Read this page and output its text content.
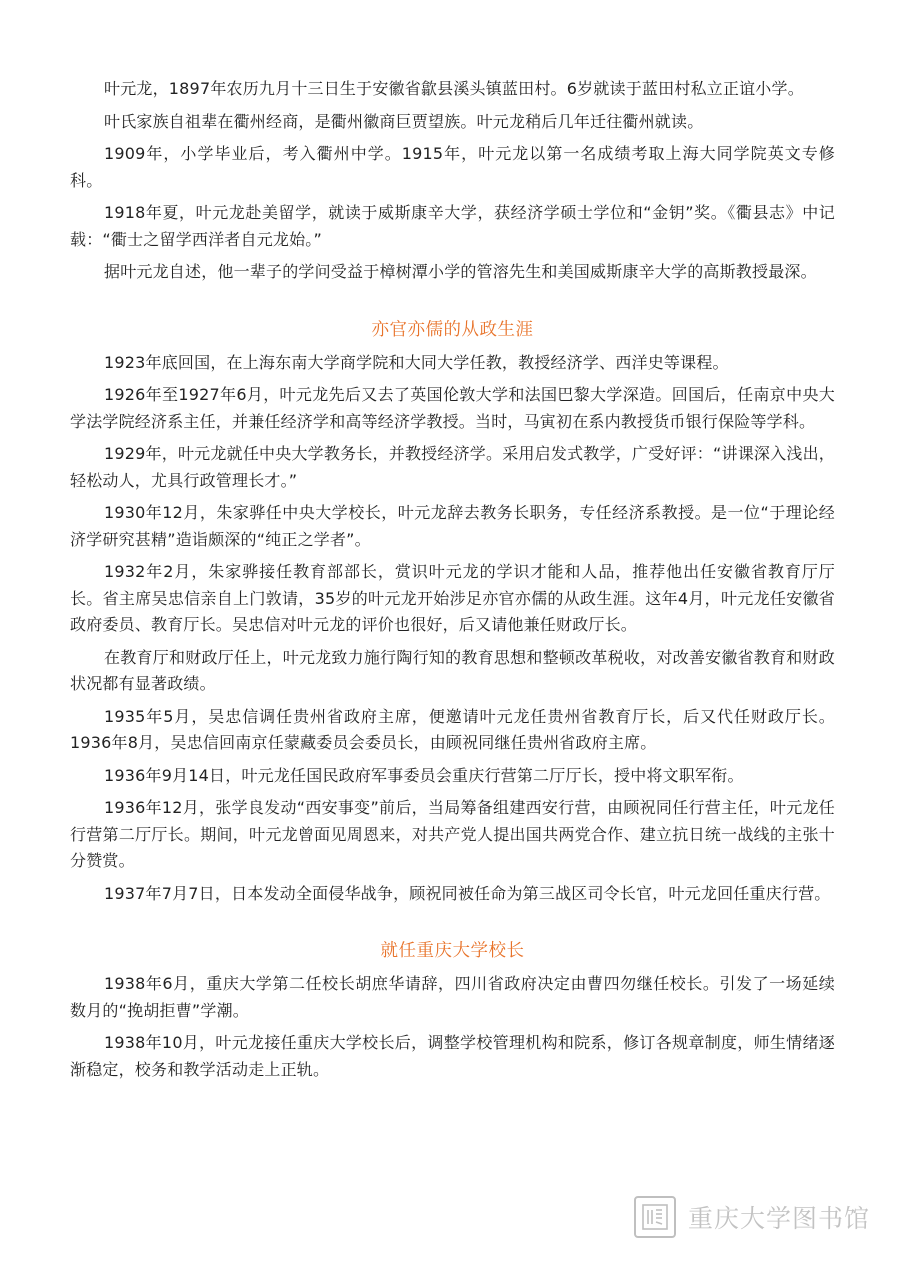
叶元龙，1897年农历九月十三日生于安徽省歙县溪头镇蓝田村。6岁就读于蓝田村私立正谊小学。

叶氏家族自祖辈在衢州经商，是衢州徽商巨贾望族。叶元龙稍后几年迁往衢州就读。

1909年，小学毕业后，考入衢州中学。1915年，叶元龙以第一名成绩考取上海大同学院英文专修科。

1918年夏，叶元龙赴美留学，就读于威斯康辛大学，获经济学硕士学位和“金钥”奖。《衢县志》中记载：“衢士之留学西洋者自元龙始。”

据叶元龙自述，他一辈子的学问受益于樟树潭小学的管溶先生和美国威斯康辛大学的高斯教授最深。

亦官亦儒的从政生涯

1923年底回国，在上海东南大学商学院和大同大学任教，教授经济学、西洋史等课程。

1926年至1927年6月，叶元龙先后又去了英国伦敦大学和法国巴黎大学深造。回国后，任南京中央大学法学院经济系主任，并兼任经济学和高等经济学教授。当时，马寅初在系内教授货币银行保险等学科。

1929年，叶元龙就任中央大学教务长，并教授经济学。采用启发式教学，广受好评：“讲课深入浅出，轻松动人，尤具行政管理长才。”

1930年12月，朱家骅任中央大学校长，叶元龙辞去教务长职务，专任经济系教授。是一位“于理论经济学研究甚精”造诣颇深的“纯正之学者”。

1932年2月，朱家骅接任教育部部长，赏识叶元龙的学识才能和人品，推荐他出任安徽省教育厅厅长。省主席吴忠信亲自上门敦请，35岁的叶元龙开始涉足亦官亦儒的从政生涯。这年4月，叶元龙任安徽省政府委员、教育厅长。吴忠信对叶元龙的评价也很好，后又请他兼任财政厅长。

在教育厅和财政厅任上，叶元龙致力施行陶行知的教育思想和整顿改革税收，对改善安徽省教育和财政状况都有显著政绩。

1935年5月，吴忠信调任贵州省政府主席，便邀请叶元龙任贵州省教育厅长，后又代任财政厅长。1936年8月，吴忠信回南京任蒙藏委员会委员长，由顾祝同继任贵州省政府主席。

1936年9月14日，叶元龙任国民政府军事委员会重庆行营第二厅厅长，授中将文职军衔。

1936年12月，张学良发动“西安事变”前后，当局筹备组建西安行营，由顾祝同任行营主任，叶元龙任行营第二厅厅长。期间，叶元龙曾面见周恩来，对共产党人提出国共两党合作、建立抗日统一战线的主张十分赞赏。

1937年7月7日，日本发动全面侵华战争，顾祝同被任命为第三战区司令长官，叶元龙回任重庆行营。

就任重庆大学校长

1938年6月，重庆大学第二任校长胡庶华请辞，四川省政府决定由曹四勿继任校长。引发了一场延续数月的“挽胡拒曹”学潮。

1938年10月，叶元龙接任重庆大学校长后，调整学校管理机构和院系，修订各规章制度，师生情绪逐渐稳定，校务和教学活动走上正轨。

重庆大学图书馆
